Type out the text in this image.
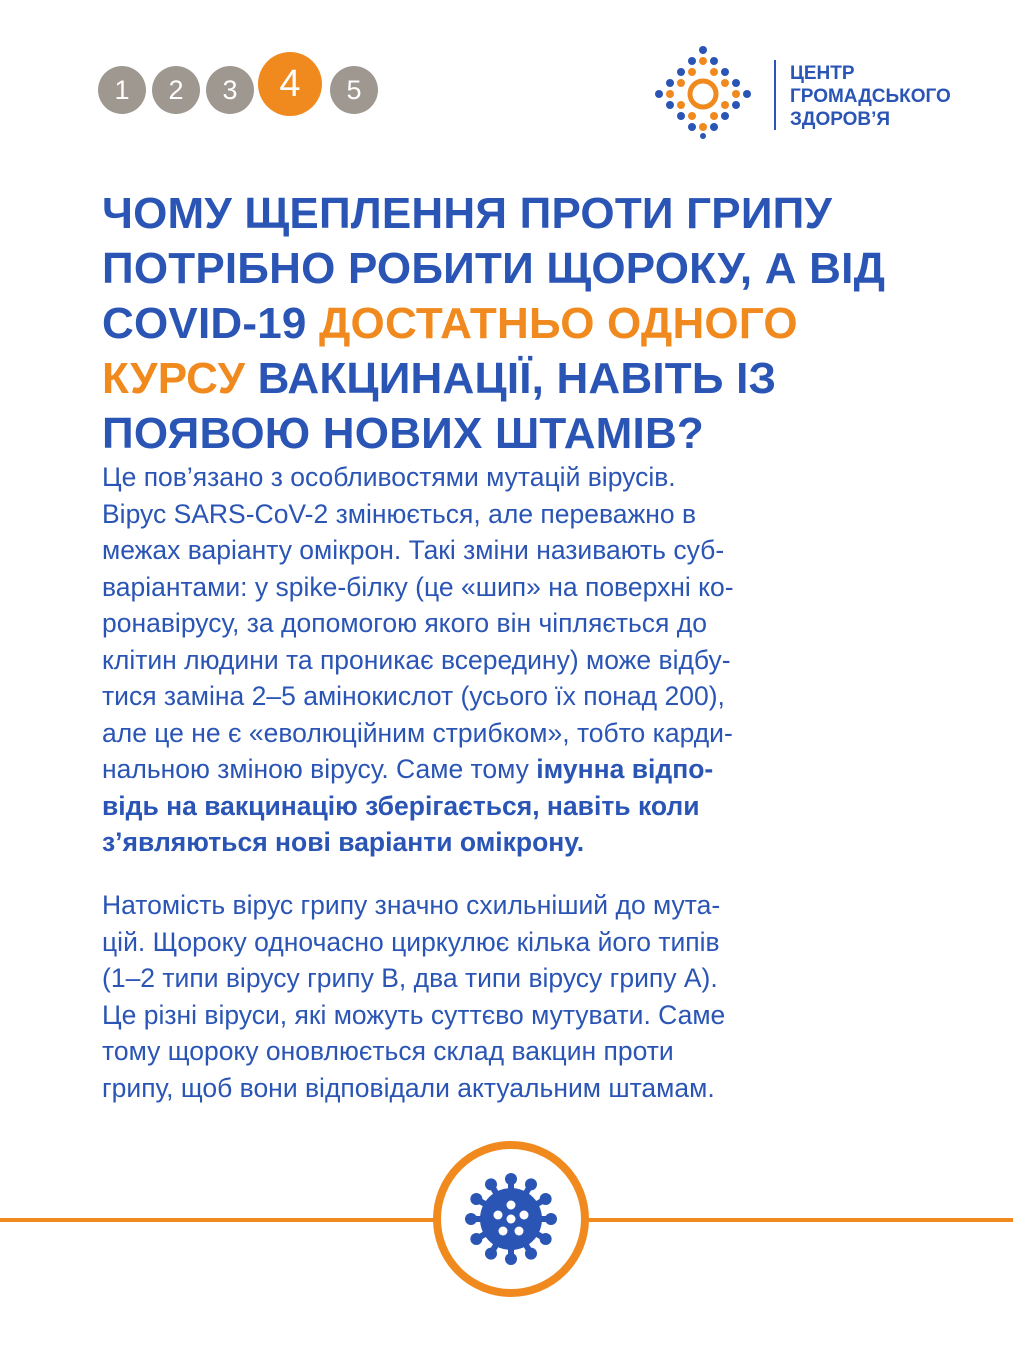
1	2	3	4	5
ЦЕНТР
ГРОМАДСЬКОГО
ЗДОРОВ’Я
ЧОМУ ЩЕПЛЕННЯ ПРОТИ ГРИПУ
ПОТРІБНО РОБИТИ ЩОРОКУ, А ВІД
COVID-19 ДОСТАТНЬО ОДНОГО
КУРСУ ВАКЦИНАЦІЇ, НАВІТЬ ІЗ
ПОЯВОЮ НОВИХ ШТАМІВ?

Це пов’язано з особливостями мутацій вірусів.
Вірус SARS-CoV-2 змінюється, але переважно в
межах варіанту омікрон. Такі зміни називають суб-
варіантами: у spike-білку (це «шип» на поверхні ко-
ронавірусу, за допомогою якого він чіпляється до
клітин людини та проникає всередину) може відбу-
тися заміна 2–5 амінокислот (усього їх понад 200),
але це не є «еволюційним стрибком», тобто карди-
нальною зміною вірусу. Саме тому імунна відпо-
відь на вакцинацію зберігається, навіть коли
з’являються нові варіанти омікрону.

Натомість вірус грипу значно схильніший до мута-
цій. Щороку одночасно циркулює кілька його типів
(1–2 типи вірусу грипу В, два типи вірусу грипу А).
Це різні віруси, які можуть суттєво мутувати. Саме
тому щороку оновлюється склад вакцин проти
грипу, щоб вони відповідали актуальним штамам.
